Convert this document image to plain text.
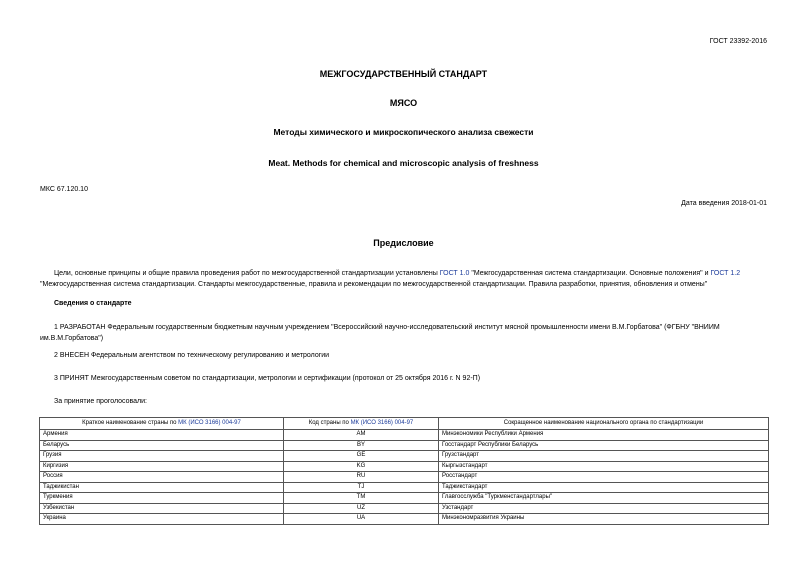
ГОСТ 23392-2016
МЕЖГОСУДАРСТВЕННЫЙ СТАНДАРТ
МЯСО
Методы химического и микроскопического анализа свежести
Meat. Methods for chemical and microscopic analysis of freshness
МКС 67.120.10
Дата введения 2018-01-01
Предисловие
Цели, основные принципы и общие правила проведения работ по межгосударственной стандартизации установлены ГОСТ 1.0 "Межгосударственная система стандартизации. Основные положения" и ГОСТ 1.2 "Межгосударственная система стандартизации. Стандарты межгосударственные, правила и рекомендации по межгосударственной стандартизации. Правила разработки, принятия, обновления и отмены"
Сведения о стандарте
1 РАЗРАБОТАН Федеральным государственным бюджетным научным учреждением "Всероссийский научно-исследовательский институт мясной промышленности имени В.М.Горбатова" (ФГБНУ "ВНИИМ им.В.М.Горбатова")
2 ВНЕСЕН Федеральным агентством по техническому регулированию и метрологии
3 ПРИНЯТ Межгосударственным советом по стандартизации, метрологии и сертификации (протокол от 25 октября 2016 г. N 92-П)
За принятие проголосовали:
Краткое наименование страны по МК (ИСО 3166) 004-97	Код страны по МК (ИСО 3166) 004-97	Сокращенное наименование национального органа по стандартизации
Армения	AM	Минэкономики Республики Армения
Беларусь	BY	Госстандарт Республики Беларусь
Грузия	GE	Грузстандарт
Киргизия	KG	Кыргызстандарт
Россия	RU	Росстандарт
Таджикистан	TJ	Таджикстандарт
Туркмения	TM	Главгосслужба "Туркменстандартлары"
Узбекистан	UZ	Узстандарт
Украина	UA	Минэкономразвития Украины
